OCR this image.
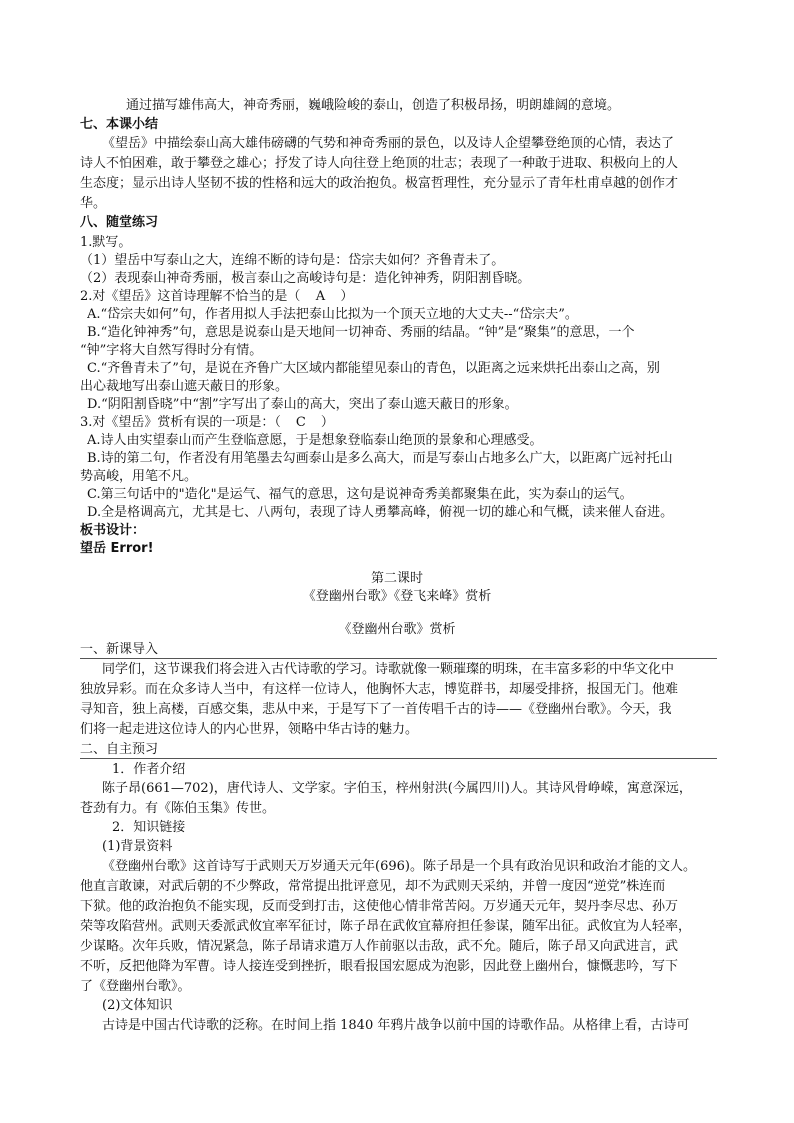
通过描写雄伟高大，神奇秀丽，巍峨险峻的泰山，创造了积极昂扬，明朗雄阔的意境。
七、本课小结
《望岳》中描绘泰山高大雄伟磅礴的气势和神奇秀丽的景色，以及诗人企望攀登绝顶的心情，表达了
诗人不怕困难，敢于攀登之雄心；抒发了诗人向往登上绝顶的壮志；表现了一种敢于进取、积极向上的人
生态度；显示出诗人坚韧不拔的性格和远大的政治抱负。极富哲理性，充分显示了青年杜甫卓越的创作才
华。
八、随堂练习
1.默写。
（1）望岳中写泰山之大，连绵不断的诗句是：岱宗夫如何？齐鲁青未了。
（2）表现泰山神奇秀丽，极言泰山之高峻诗句是：造化钟神秀，阴阳割昏晓。
2.对《望岳》这首诗理解不恰当的是（ A ）
A.“岱宗夫如何”句，作者用拟人手法把泰山比拟为一个顶天立地的大丈夫--“岱宗夫”。
B.“造化钟神秀”句，意思是说泰山是天地间一切神奇、秀丽的结晶。“钟”是“聚集”的意思，一个
“钟”字将大自然写得时分有情。
C.“齐鲁青未了”句，是说在齐鲁广大区域内都能望见泰山的青色，以距离之远来烘托出泰山之高，别
出心裁地写出泰山遮天蔽日的形象。
D.“阴阳割昏晓”中“割”字写出了泰山的高大，突出了泰山遮天蔽日的形象。
3.对《望岳》赏析有误的一项是：（ C ）
A.诗人由实望泰山而产生登临意愿，于是想象登临泰山绝顶的景象和心理感受。
B.诗的第二句，作者没有用笔墨去勾画泰山是多么高大，而是写泰山占地多么广大，以距离广远衬托山
势高峻，用笔不凡。
C.第三句话中的"造化"是运气、福气的意思，这句是说神奇秀美都聚集在此，实为泰山的运气。
D.全是格调高亢，尤其是七、八两句，表现了诗人勇攀高峰，俯视一切的雄心和气概，读来催人奋进。
板书设计：
望岳 Error!
第二课时
《登幽州台歌》《登飞来峰》赏析
《登幽州台歌》赏析
一、新课导入
同学们，这节课我们将会进入古代诗歌的学习。诗歌就像一颗璀璨的明珠，在丰富多彩的中华文化中
独放异彩。而在众多诗人当中，有这样一位诗人，他胸怀大志，博览群书，却屡受排挤，报国无门。他难
寻知音，独上高楼，百感交集，悲从中来，于是写下了一首传唱千古的诗——《登幽州台歌》。今天，我
们将一起走进这位诗人的内心世界，领略中华古诗的魅力。
二、自主预习
1．作者介绍
陈子昂(661—702)，唐代诗人、文学家。字伯玉，梓州射洪(今属四川)人。其诗风骨峥嵘，寓意深远，
苍劲有力。有《陈伯玉集》传世。
2．知识链接
(1)背景资料
《登幽州台歌》这首诗写于武则天万岁通天元年(696)。陈子昂是一个具有政治见识和政治才能的文人。
他直言敢谏，对武后朝的不少弊政，常常提出批评意见，却不为武则天采纳，并曾一度因“逆党”株连而
下狱。他的政治抱负不能实现，反而受到打击，这使他心情非常苦闷。万岁通天元年，契丹李尽忠、孙万
荣等攻陷营州。武则天委派武攸宜率军征讨，陈子昂在武攸宜幕府担任参谋，随军出征。武攸宜为人轻率，
少谋略。次年兵败，情况紧急，陈子昂请求遣万人作前驱以击敌，武不允。随后，陈子昂又向武进言，武
不听，反把他降为军曹。诗人接连受到挫折，眼看报国宏愿成为泡影，因此登上幽州台，慷慨悲吟，写下
了《登幽州台歌》。
(2)文体知识
古诗是中国古代诗歌的泛称。在时间上指 1840 年鸦片战争以前中国的诗歌作品。从格律上看，古诗可
